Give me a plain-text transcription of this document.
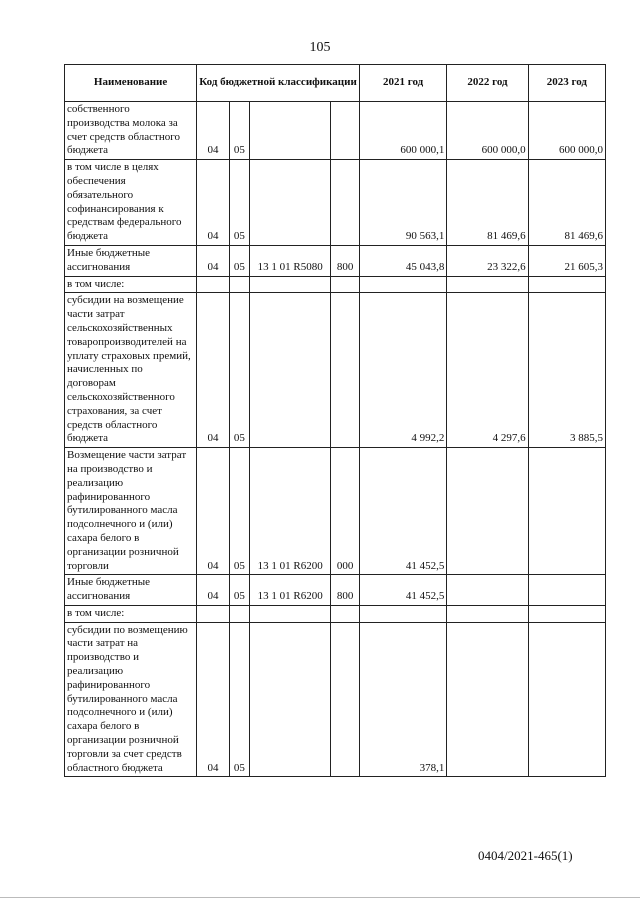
105
Наименование	Код бюджетной классификации				2021 год	2022 год	2023 год
собственного производства молока за счет средств областного бюджета	04	05			600 000,1	600 000,0	600 000,0
в том числе в целях обеспечения обязательного софинансирования к средствам федерального бюджета	04	05			90 563,1	81 469,6	81 469,6
Иные бюджетные ассигнования	04	05	13 1 01 R5080	800	45 043,8	23 322,6	21 605,3
в том числе:							
субсидии на возмещение части затрат сельскохозяйственных товаропроизводителей на уплату страховых премий, начисленных по договорам сельскохозяйственного страхования, за счет средств областного бюджета	04	05			4 992,2	4 297,6	3 885,5
Возмещение части затрат на производство и реализацию рафинированного бутилированного масла подсолнечного и (или) сахара белого в организации розничной торговли	04	05	13 1 01 R6200	000	41 452,5		
Иные бюджетные ассигнования	04	05	13 1 01 R6200	800	41 452,5		
в том числе:							
субсидии по возмещению части затрат на производство и реализацию рафинированного бутилированного масла подсолнечного и (или) сахара белого в организации розничной торговли за счет средств областного бюджета	04	05			378,1		
0404/2021-465(1)
